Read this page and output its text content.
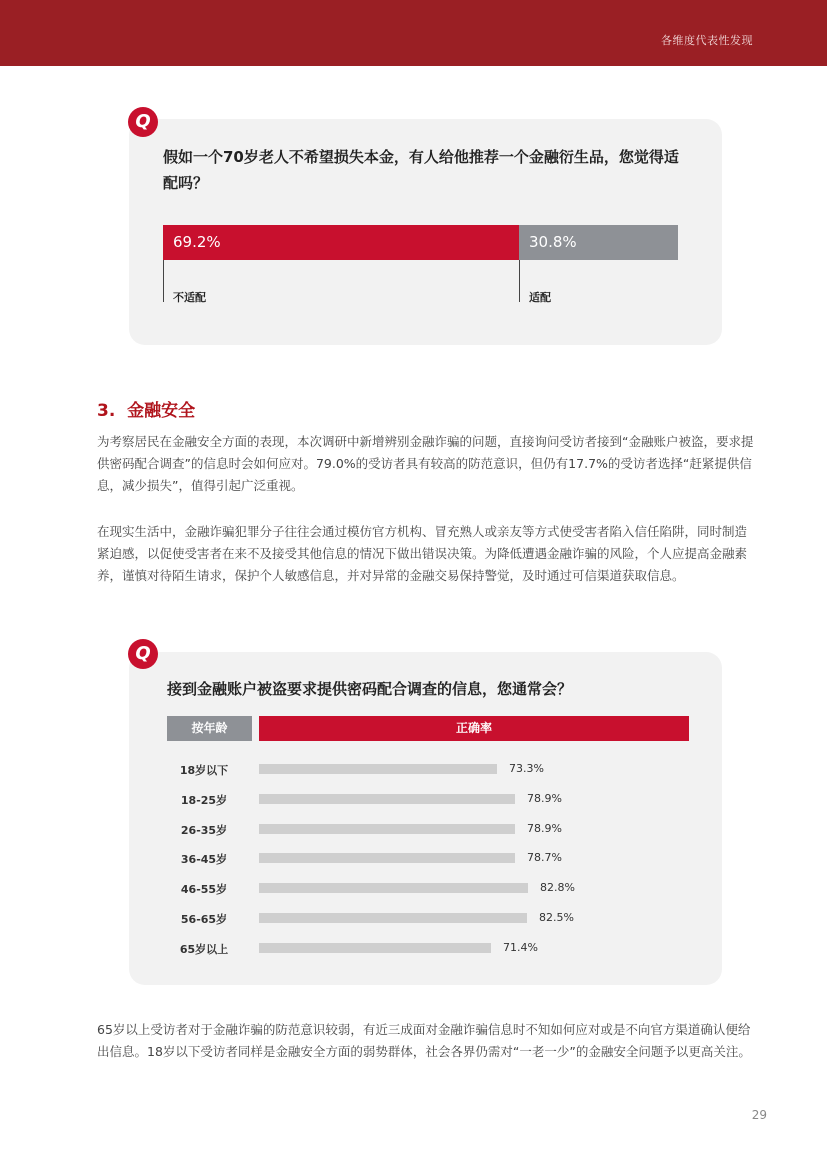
各维度代表性发现
Q
假如一个70岁老人不希望损失本金，有人给他推荐一个金融衍生品，您觉得适配吗？
69.2%	30.8%
不适配	适配
3. 金融安全
为考察居民在金融安全方面的表现，本次调研中新增辨别金融诈骗的问题，直接询问受访者接到“金融账户被盗，要求提供密码配合调查”的信息时会如何应对。79.0%的受访者具有较高的防范意识，但仍有17.7%的受访者选择“赶紧提供信息，减少损失”，值得引起广泛重视。
在现实生活中，金融诈骗犯罪分子往往会通过模仿官方机构、冒充熟人或亲友等方式使受害者陷入信任陷阱，同时制造紧迫感，以促使受害者在来不及接受其他信息的情况下做出错误决策。为降低遭遇金融诈骗的风险，个人应提高金融素养，谨慎对待陌生请求，保护个人敏感信息，并对异常的金融交易保持警觉，及时通过可信渠道获取信息。
Q
接到金融账户被盗要求提供密码配合调查的信息，您通常会？
按年龄	正确率
18岁以下	73.3%
18-25岁	78.9%
26-35岁	78.9%
36-45岁	78.7%
46-55岁	82.8%
56-65岁	82.5%
65岁以上	71.4%
65岁以上受访者对于金融诈骗的防范意识较弱，有近三成面对金融诈骗信息时不知如何应对或是不向官方渠道确认便给出信息。18岁以下受访者同样是金融安全方面的弱势群体，社会各界仍需对“一老一少”的金融安全问题予以更高关注。
29
